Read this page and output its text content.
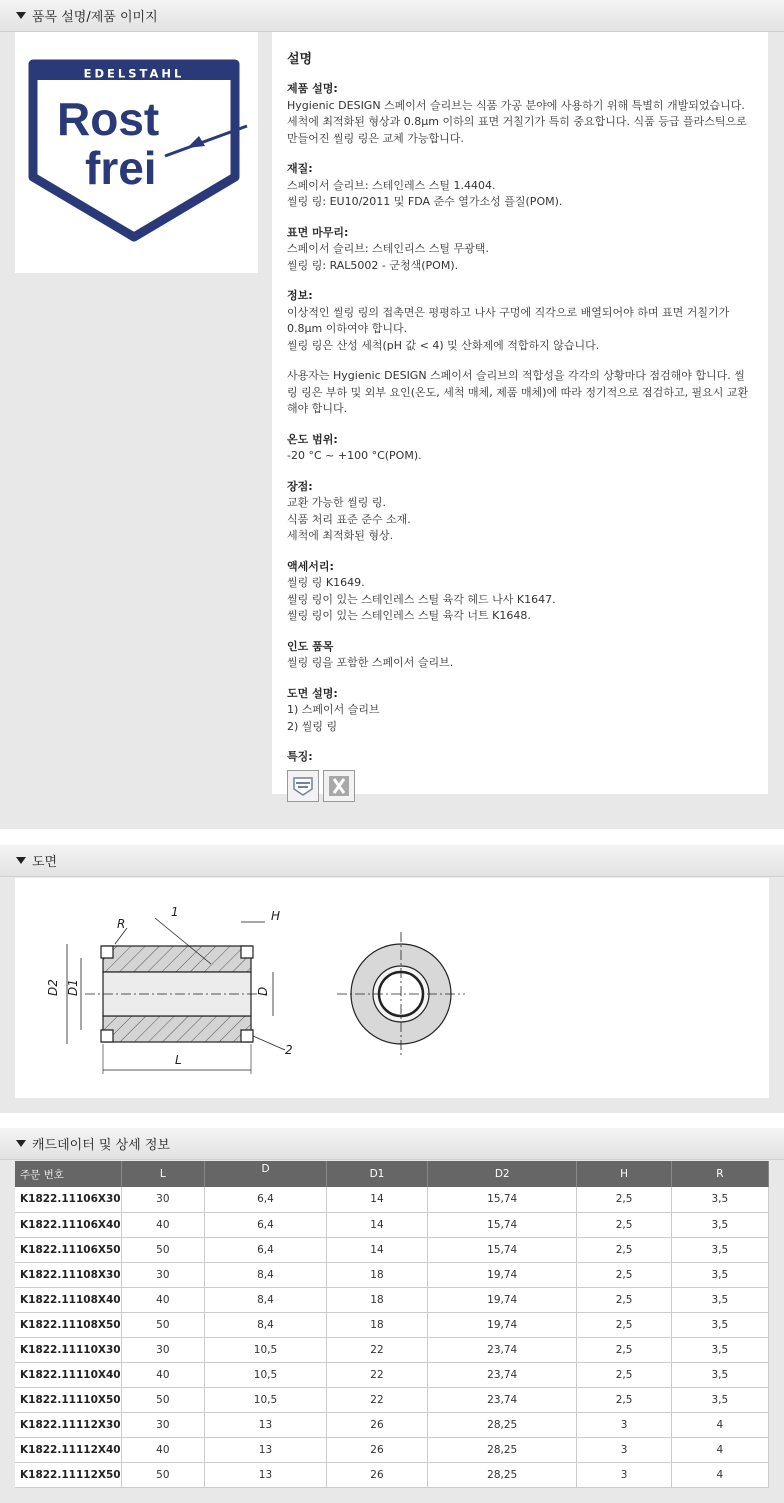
품목 설명/제품 이미지
EDELSTAHL
Rost
frei
설명
제품 설명:
Hygienic DESIGN 스페이서 슬리브는 식품 가공 분야에 사용하기 위해 특별히 개발되었습니다. 세척에 최적화된 형상과 0.8μm 이하의 표면 거칠기가 특히 중요합니다. 식품 등급 플라스틱으로 만들어진 씰링 링은 교체 가능합니다.
재질:
스페이서 슬리브: 스테인레스 스틸 1.4404.
씰링 링: EU10/2011 및 FDA 준수 열가소성 플질(POM).
표면 마무리:
스페이서 슬리브: 스테인리스 스틸 무광택.
씰링 링: RAL5002 - 군청색(POM).
정보:
이상적인 씰링 링의 접촉면은 평평하고 나사 구멍에 직각으로 배열되어야 하며 표면 거칠기가 0.8μm 이하여야 합니다.
씰링 링은 산성 세척(pH 값 < 4) 및 산화제에 적합하지 않습니다.
사용자는 Hygienic DESIGN 스페이서 슬리브의 적합성을 각각의 상황마다 점검해야 합니다. 씰링 링은 부하 및 외부 요인(온도, 세척 매체, 제품 매체)에 따라 정기적으로 점검하고, 필요시 교환해야 합니다.
온도 범위:
-20 °C ~ +100 °C(POM).
장점:
교환 가능한 씰링 링.
식품 처리 표준 준수 소재.
세척에 최적화된 형상.
액세서리:
씰링 링 K1649.
씰링 링이 있는 스테인레스 스틸 육각 헤드 나사 K1647.
씰링 링이 있는 스테인레스 스틸 육각 너트 K1648.
인도 품목
씰링 링을 포함한 스페이서 슬리브.
도면 설명:
1) 스페이서 슬리브
2) 씰링 링
특징:
도면
R
1	H
D2 D1	D
L
2
캐드데이터 및 상세 정보
주문 번호	L	D	D1	D2	H	R
K1822.11106X30	30	6,4	14	15,74	2,5	3,5
K1822.11106X40	40	6,4	14	15,74	2,5	3,5
K1822.11106X50	50	6,4	14	15,74	2,5	3,5
K1822.11108X30	30	8,4	18	19,74	2,5	3,5
K1822.11108X40	40	8,4	18	19,74	2,5	3,5
K1822.11108X50	50	8,4	18	19,74	2,5	3,5
K1822.11110X30	30	10,5	22	23,74	2,5	3,5
K1822.11110X40	40	10,5	22	23,74	2,5	3,5
K1822.11110X50	50	10,5	22	23,74	2,5	3,5
K1822.11112X30	30	13	26	28,25	3	4
K1822.11112X40	40	13	26	28,25	3	4
K1822.11112X50	50	13	26	28,25	3	4
